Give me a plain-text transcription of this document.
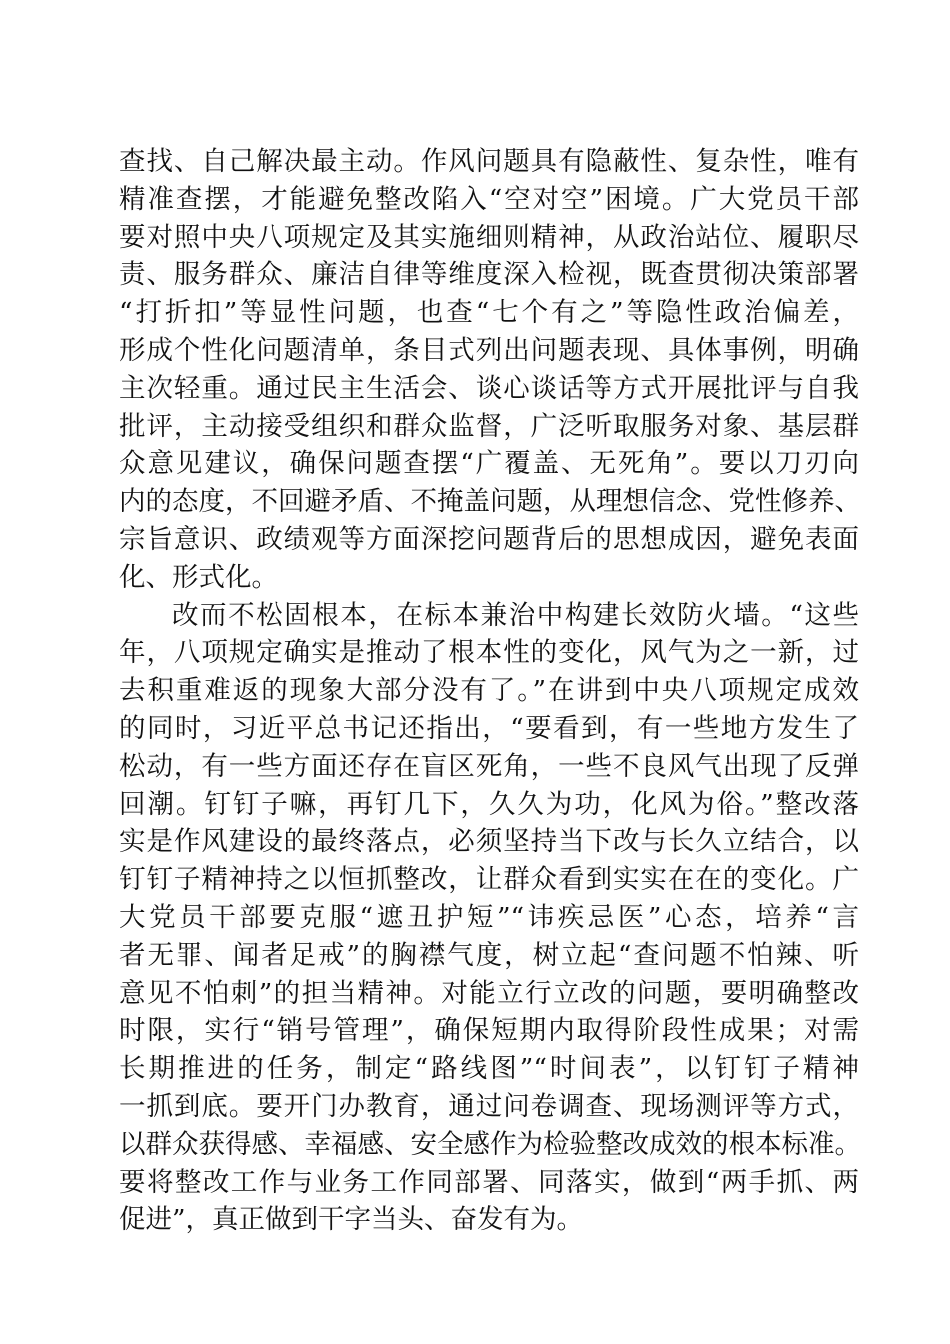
查找、自己解决最主动。作风问题具有隐蔽性、复杂性，唯有
精准查摆，才能避免整改陷入“空对空”困境。广大党员干部
要对照中央八项规定及其实施细则精神，从政治站位、履职尽
责、服务群众、廉洁自律等维度深入检视，既查贯彻决策部署
“打折扣”等显性问题，也查“七个有之”等隐性政治偏差，
形成个性化问题清单，条目式列出问题表现、具体事例，明确
主次轻重。通过民主生活会、谈心谈话等方式开展批评与自我
批评，主动接受组织和群众监督，广泛听取服务对象、基层群
众意见建议，确保问题查摆“广覆盖、无死角”。要以刀刃向
内的态度，不回避矛盾、不掩盖问题，从理想信念、党性修养、
宗旨意识、政绩观等方面深挖问题背后的思想成因，避免表面
化、形式化。
改而不松固根本，在标本兼治中构建长效防火墙。“这些
年，八项规定确实是推动了根本性的变化，风气为之一新，过
去积重难返的现象大部分没有了。”在讲到中央八项规定成效
的同时，习近平总书记还指出，“要看到，有一些地方发生了
松动，有一些方面还存在盲区死角，一些不良风气出现了反弹
回潮。钉钉子嘛，再钉几下，久久为功，化风为俗。”整改落
实是作风建设的最终落点，必须坚持当下改与长久立结合，以
钉钉子精神持之以恒抓整改，让群众看到实实在在的变化。广
大党员干部要克服“遮丑护短”“讳疾忌医”心态，培养“言
者无罪、闻者足戒”的胸襟气度，树立起“查问题不怕辣、听
意见不怕刺”的担当精神。对能立行立改的问题，要明确整改
时限，实行“销号管理”，确保短期内取得阶段性成果；对需
长期推进的任务，制定“路线图”“时间表”，以钉钉子精神
一抓到底。要开门办教育，通过问卷调查、现场测评等方式，
以群众获得感、幸福感、安全感作为检验整改成效的根本标准。
要将整改工作与业务工作同部署、同落实，做到“两手抓、两
促进”，真正做到干字当头、奋发有为。
